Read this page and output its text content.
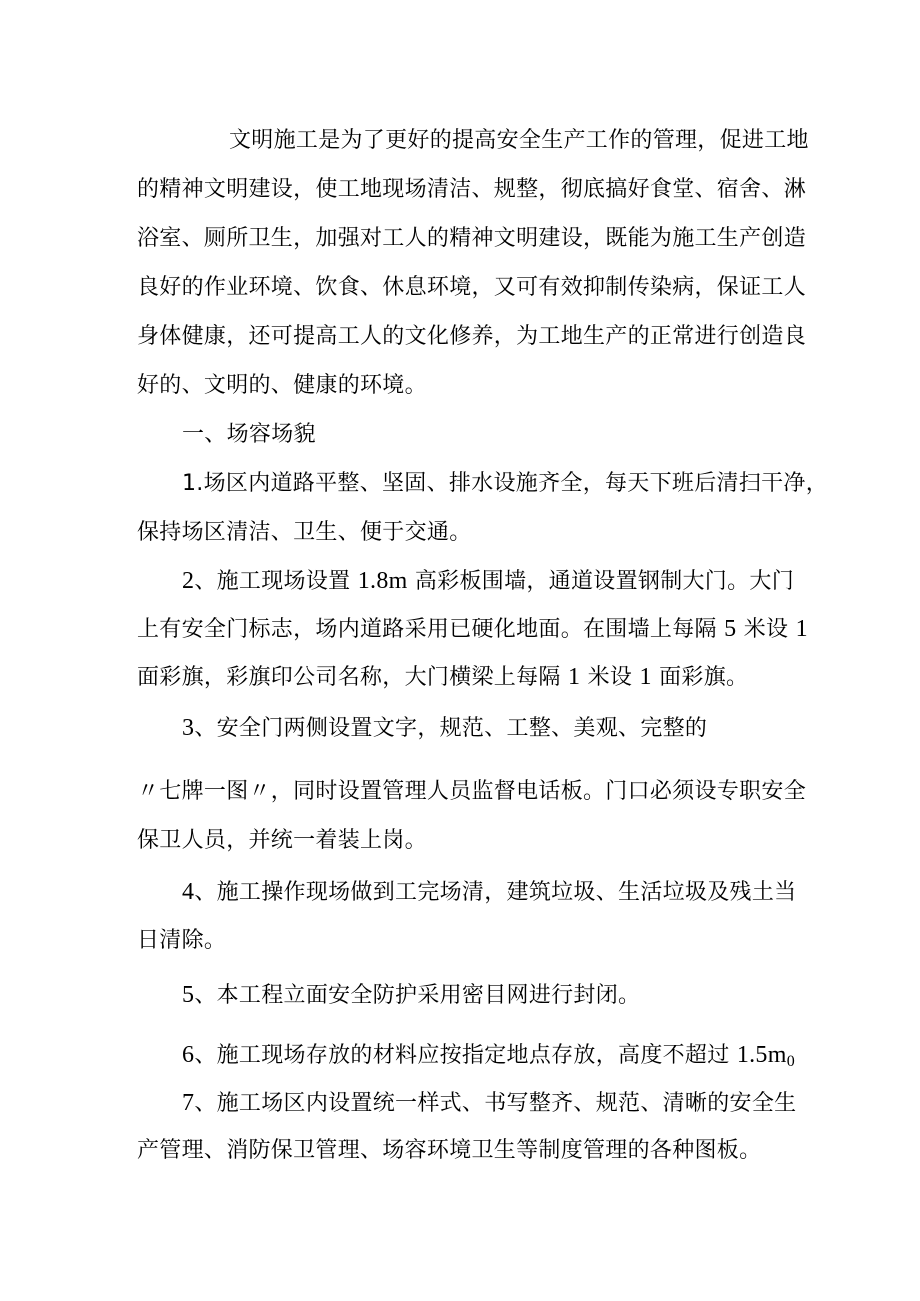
文明施工是为了更好的提高安全生产工作的管理，促进工地
的精神文明建设，使工地现场清洁、规整，彻底搞好食堂、宿舍、淋
浴室、厕所卫生，加强对工人的精神文明建设，既能为施工生产创造
良好的作业环境、饮食、休息环境，又可有效抑制传染病，保证工人
身体健康，还可提高工人的文化修养，为工地生产的正常进行创造良
好的、文明的、健康的环境。
一、场容场貌
1.场区内道路平整、坚固、排水设施齐全，每天下班后清扫干净，
保持场区清洁、卫生、便于交通。
2、施工现场设置 1.8m 高彩板围墙，通道设置钢制大门。大门
上有安全门标志，场内道路采用已硬化地面。在围墙上每隔 5 米设 1
面彩旗，彩旗印公司名称，大门横梁上每隔 1 米设 1 面彩旗。
3、安全门两侧设置文字，规范、工整、美观、完整的
〃七牌一图〃，同时设置管理人员监督电话板。门口必须设专职安全
保卫人员，并统一着装上岗。
4、施工操作现场做到工完场清，建筑垃圾、生活垃圾及残土当
日清除。
5、本工程立面安全防护采用密目网进行封闭。
6、施工现场存放的材料应按指定地点存放，高度不超过 $1.5m_0$
7、施工场区内设置统一样式、书写整齐、规范、清晰的安全生
产管理、消防保卫管理、场容环境卫生等制度管理的各种图板。
